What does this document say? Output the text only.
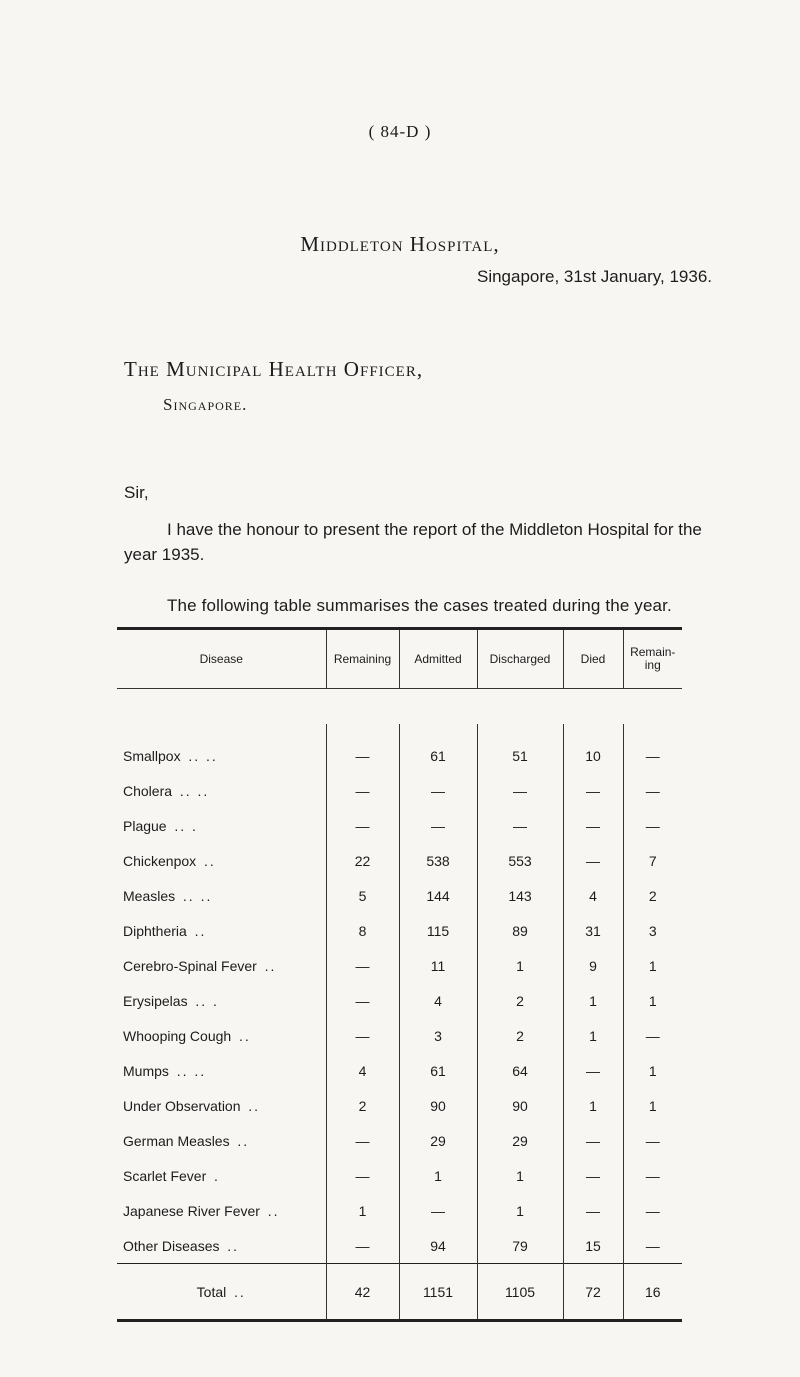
( 84-D )
Middleton Hospital,
Singapore, 31st January, 1936.
The Municipal Health Officer,
Singapore.
Sir,
I have the honour to present the report of the Middleton Hospital for the year 1935.
The following table summarises the cases treated during the year.
Disease	Remaining	Admitted	Discharged	Died	Remain- ing

Smallpox .. ..	—	61	51	10	—
Cholera .. ..	—	—	—	—	—
Plague .. .	—	—	—	—	—
Chickenpox ..	22	538	553	—	7
Measles .. ..	5	144	143	4	2
Diphtheria ..	8	115	89	31	3
Cerebro-Spinal Fever ..	—	11	1	9	1
Erysipelas .. .	—	4	2	1	1
Whooping Cough ..	—	3	2	1	—
Mumps .. ..	4	61	64	—	1
Under Observation ..	2	90	90	1	1
German Measles ..	—	29	29	—	—
Scarlet Fever .	—	1	1	—	—
Japanese River Fever ..	1	—	1	—	—
Other Diseases ..	—	94	79	15	—
Total ..	42	1151	1105	72	16
